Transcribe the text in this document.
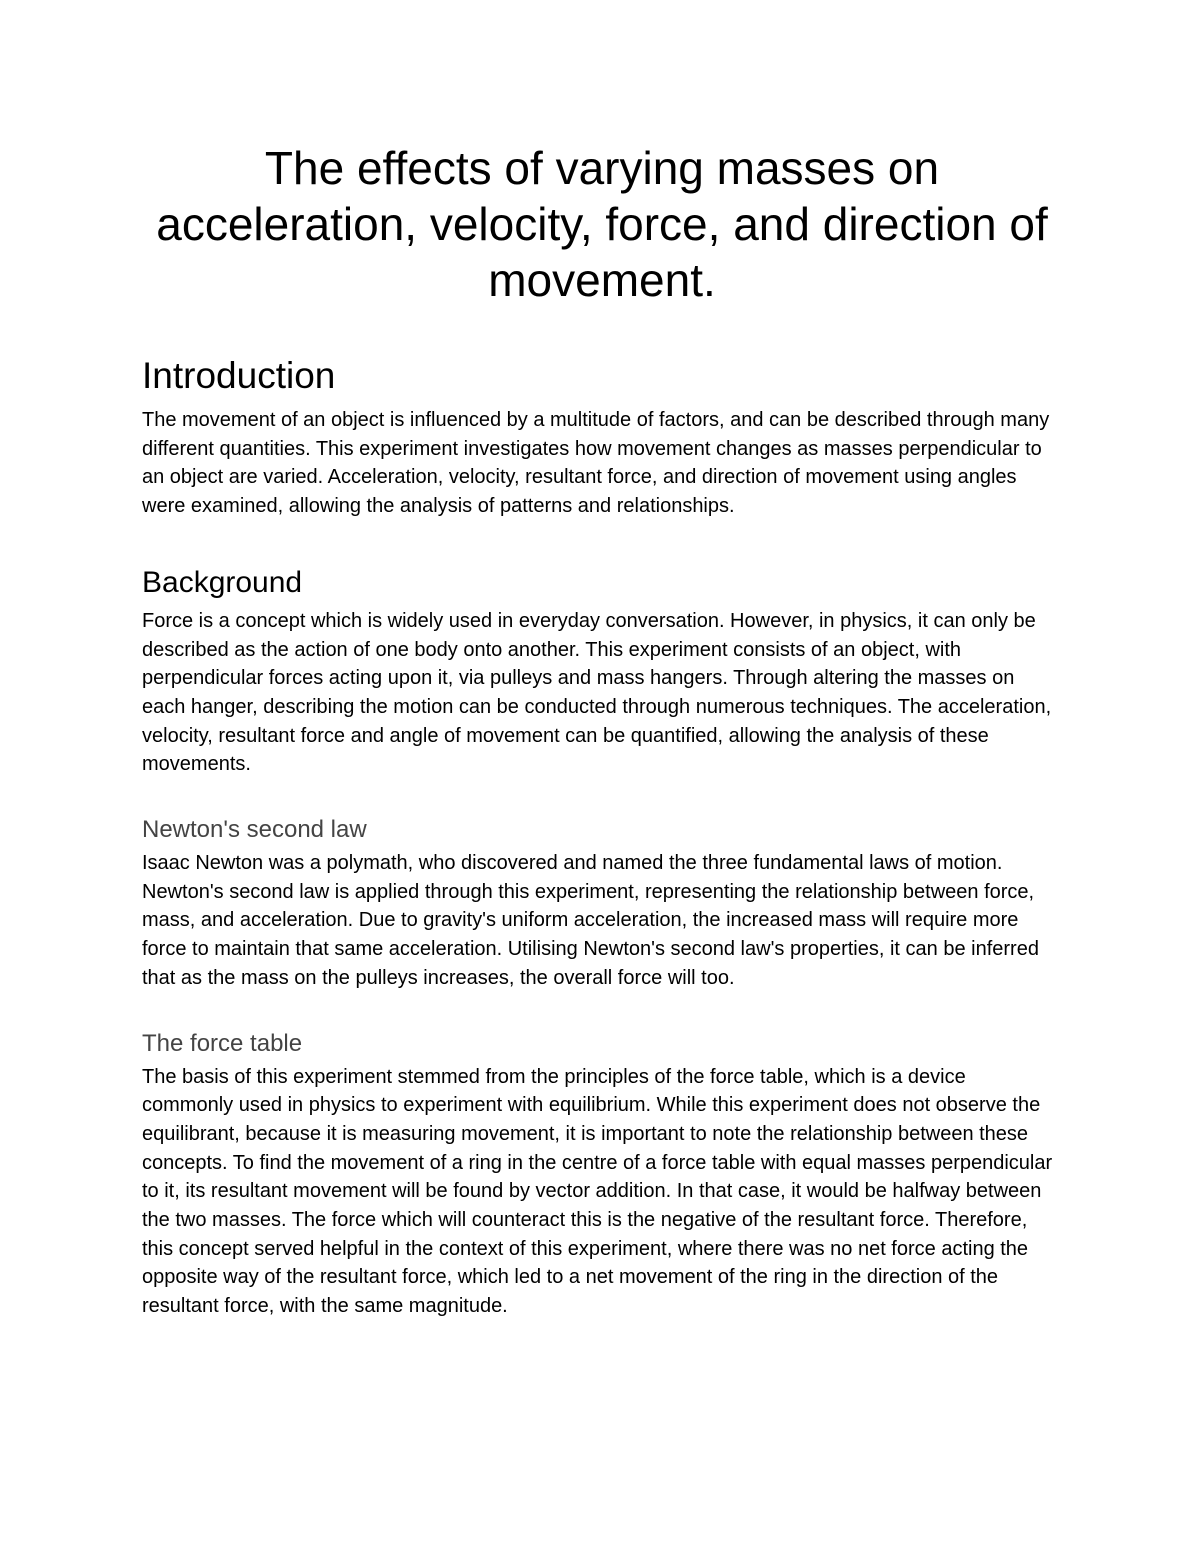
The effects of varying masses on acceleration, velocity, force, and direction of movement.
Introduction

The movement of an object is influenced by a multitude of factors, and can be described through many different quantities. This experiment investigates how movement changes as masses perpendicular to an object are varied. Acceleration, velocity, resultant force, and direction of movement using angles were examined, allowing the analysis of patterns and relationships.

Background

Force is a concept which is widely used in everyday conversation. However, in physics, it can only be described as the action of one body onto another. This experiment consists of an object, with perpendicular forces acting upon it, via pulleys and mass hangers. Through altering the masses on each hanger, describing the motion can be conducted through numerous techniques. The acceleration, velocity, resultant force and angle of movement can be quantified, allowing the analysis of these movements.

Newton's second law

Isaac Newton was a polymath, who discovered and named the three fundamental laws of motion. Newton's second law is applied through this experiment, representing the relationship between force, mass, and acceleration. Due to gravity's uniform acceleration, the increased mass will require more force to maintain that same acceleration. Utilising Newton's second law's properties, it can be inferred that as the mass on the pulleys increases, the overall force will too.

The force table

The basis of this experiment stemmed from the principles of the force table, which is a device commonly used in physics to experiment with equilibrium. While this experiment does not observe the equilibrant, because it is measuring movement, it is important to note the relationship between these concepts. To find the movement of a ring in the centre of a force table with equal masses perpendicular to it, its resultant movement will be found by vector addition. In that case, it would be halfway between the two masses. The force which will counteract this is the negative of the resultant force. Therefore, this concept served helpful in the context of this experiment, where there was no net force acting the opposite way of the resultant force, which led to a net movement of the ring in the direction of the resultant force, with the same magnitude.
